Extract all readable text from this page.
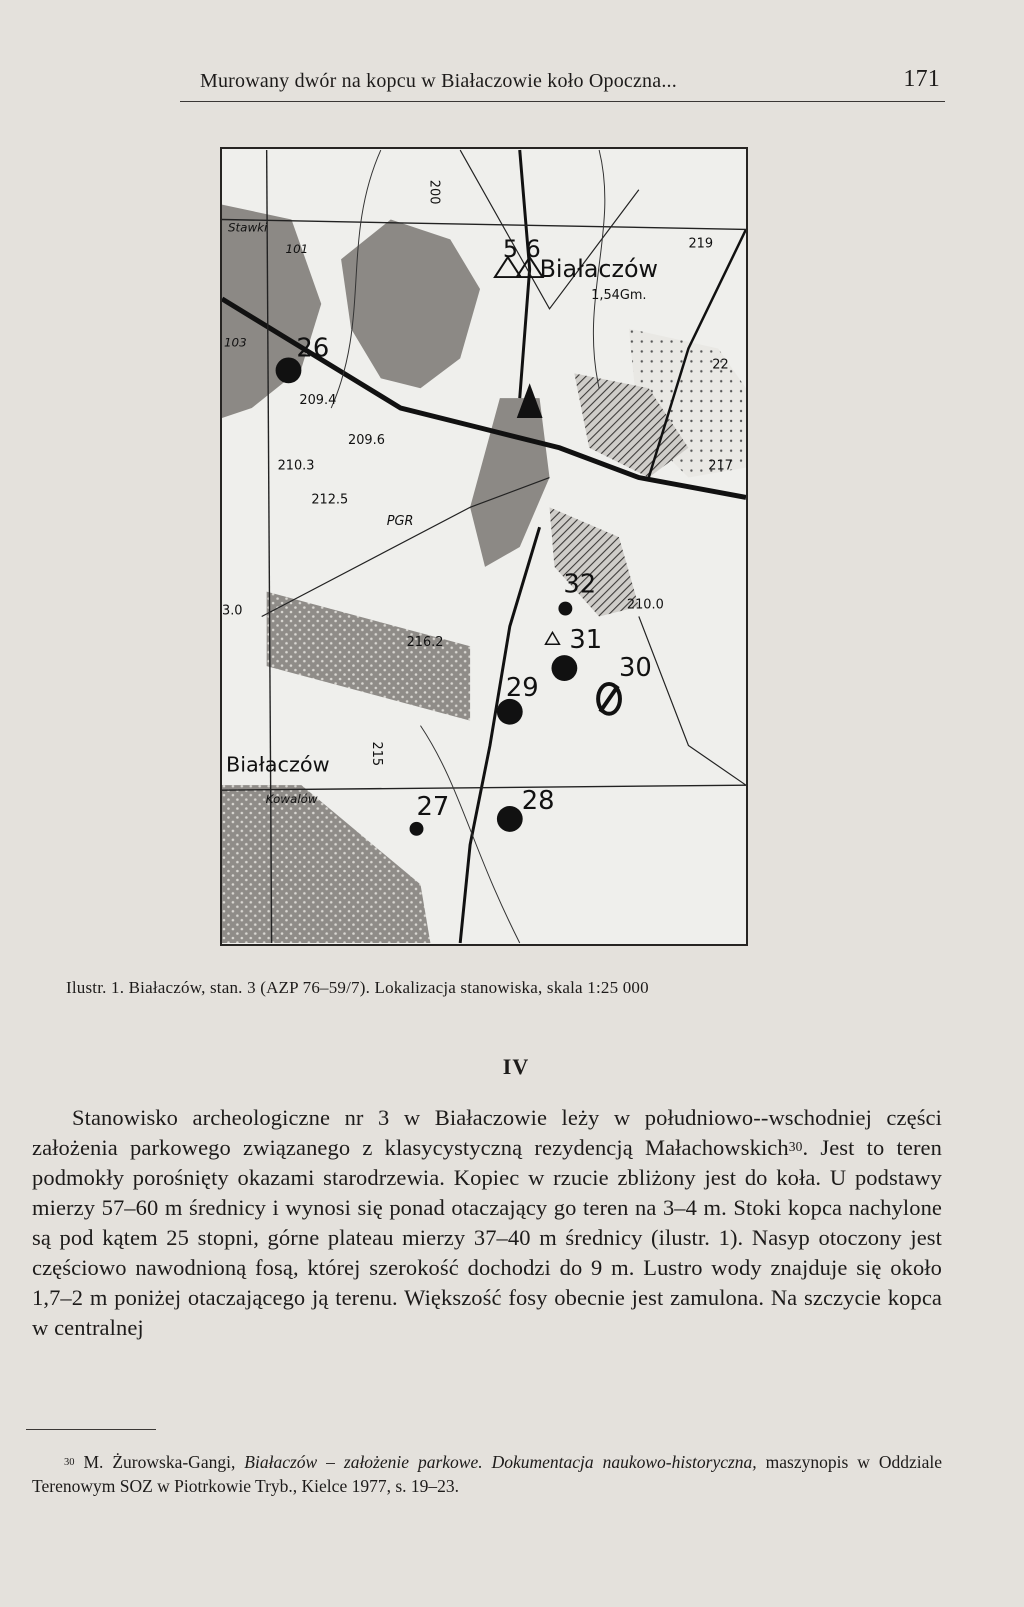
Murowany dwór na kopcu w Białaczowie koło Opoczna...	171
Białaczów
1,54Gm.
5 6	219
Stawki
101
103 26
209.4
209.6
210.3
212.5
PGR
217
22
3.0
216.2
210.0
32
31
30
29
28
27
Białaczów
Kowalów
200
215
Ilustr. 1. Białaczów, stan. 3 (AZP 76–59/7). Lokalizacja stanowiska, skala 1:25 000
IV

Stanowisko archeologiczne nr 3 w Białaczowie leży w południowo--wschodniej części założenia parkowego związanego z klasycystyczną rezydencją Małachowskich$^{30}$. Jest to teren podmokły porośnięty okazami starodrzewia. Kopiec w rzucie zbliżony jest do koła. U podstawy mierzy 57–60 m średnicy i wynosi się ponad otaczający go teren na 3–4 m. Stoki kopca nachylone są pod kątem 25 stopni, górne plateau mierzy 37–40 m średnicy (ilustr. 1). Nasyp otoczony jest częściowo nawodnioną fosą, której szerokość dochodzi do 9 m. Lustro wody znajduje się około 1,7–2 m poniżej otaczającego ją terenu. Większość fosy obecnie jest zamulona. Na szczycie kopca w centralnej

$^{30}$ M. Żurowska-Gangi, Białaczów – założenie parkowe. Dokumentacja naukowo-historyczna, maszynopis w Oddziale Terenowym SOZ w Piotrkowie Tryb., Kielce 1977, s. 19–23.
